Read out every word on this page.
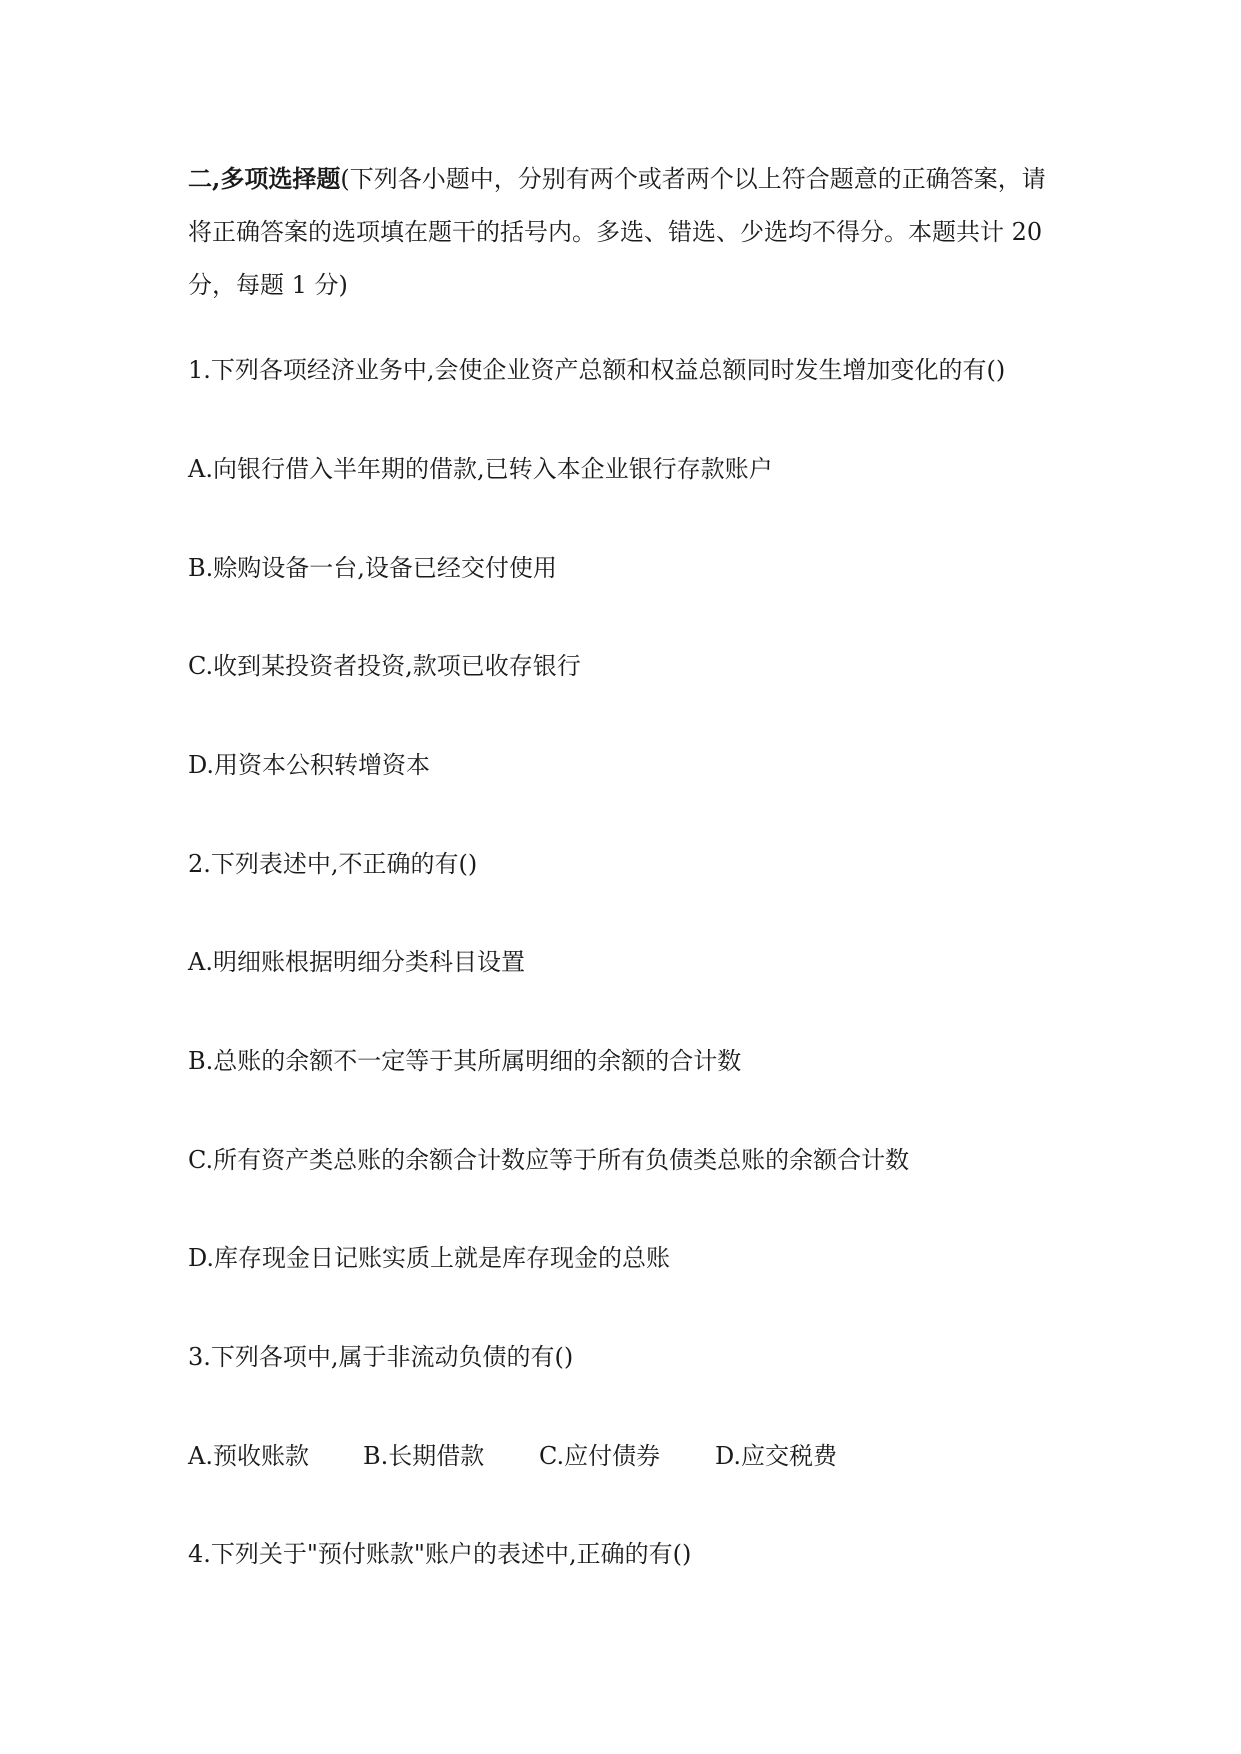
二,多项选择题(下列各小题中，分别有两个或者两个以上符合题意的正确答案，请将正确答案的选项填在题干的括号内。多选、错选、少选均不得分。本题共计 20 分，每题 1 分)
1.下列各项经济业务中,会使企业资产总额和权益总额同时发生增加变化的有()
A.向银行借入半年期的借款,已转入本企业银行存款账户
B.赊购设备一台,设备已经交付使用
C.收到某投资者投资,款项已收存银行
D.用资本公积转增资本
2.下列表述中,不正确的有()
A.明细账根据明细分类科目设置
B.总账的余额不一定等于其所属明细的余额的合计数
C.所有资产类总账的余额合计数应等于所有负债类总账的余额合计数
D.库存现金日记账实质上就是库存现金的总账
3.下列各项中,属于非流动负债的有()
A.预收账款	B.长期借款	C.应付债券	D.应交税费
4.下列关于"预付账款"账户的表述中,正确的有()
